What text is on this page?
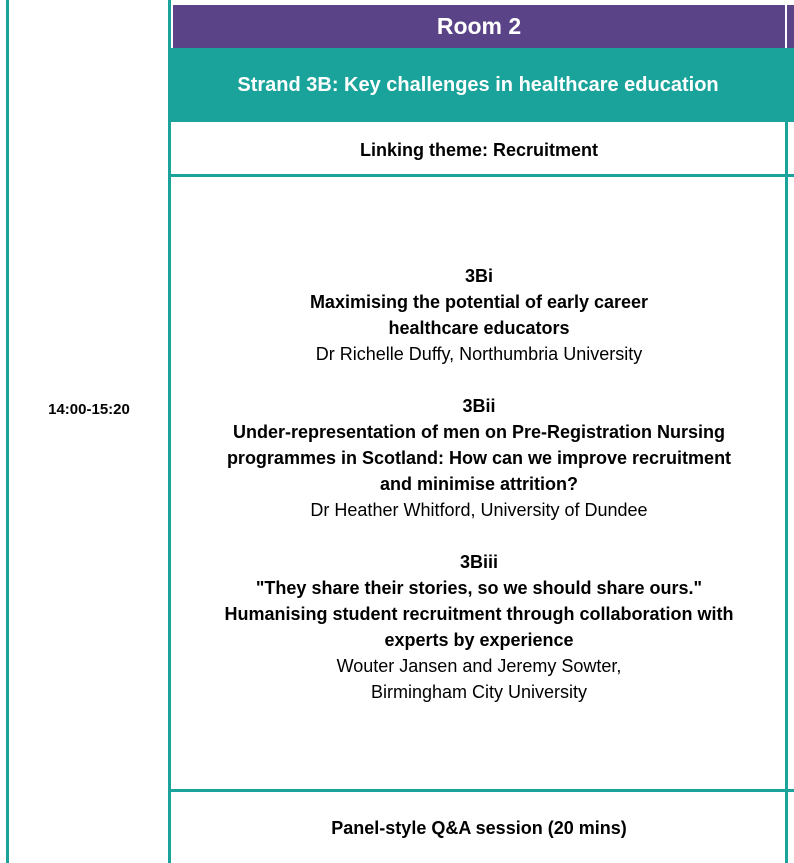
Room 2
Strand 3B: Key challenges in healthcare education
Linking theme: Recruitment
14:00-15:20
3Bi
Maximising the potential of early career
healthcare educators
Dr Richelle Duffy, Northumbria University
3Bii
Under-representation of men on Pre-Registration Nursing
programmes in Scotland: How can we improve recruitment
and minimise attrition?
Dr Heather Whitford, University of Dundee
3Biii
"They share their stories, so we should share ours."
Humanising student recruitment through collaboration with
experts by experience
Wouter Jansen and Jeremy Sowter,
Birmingham City University
Panel-style Q&A session (20 mins)
